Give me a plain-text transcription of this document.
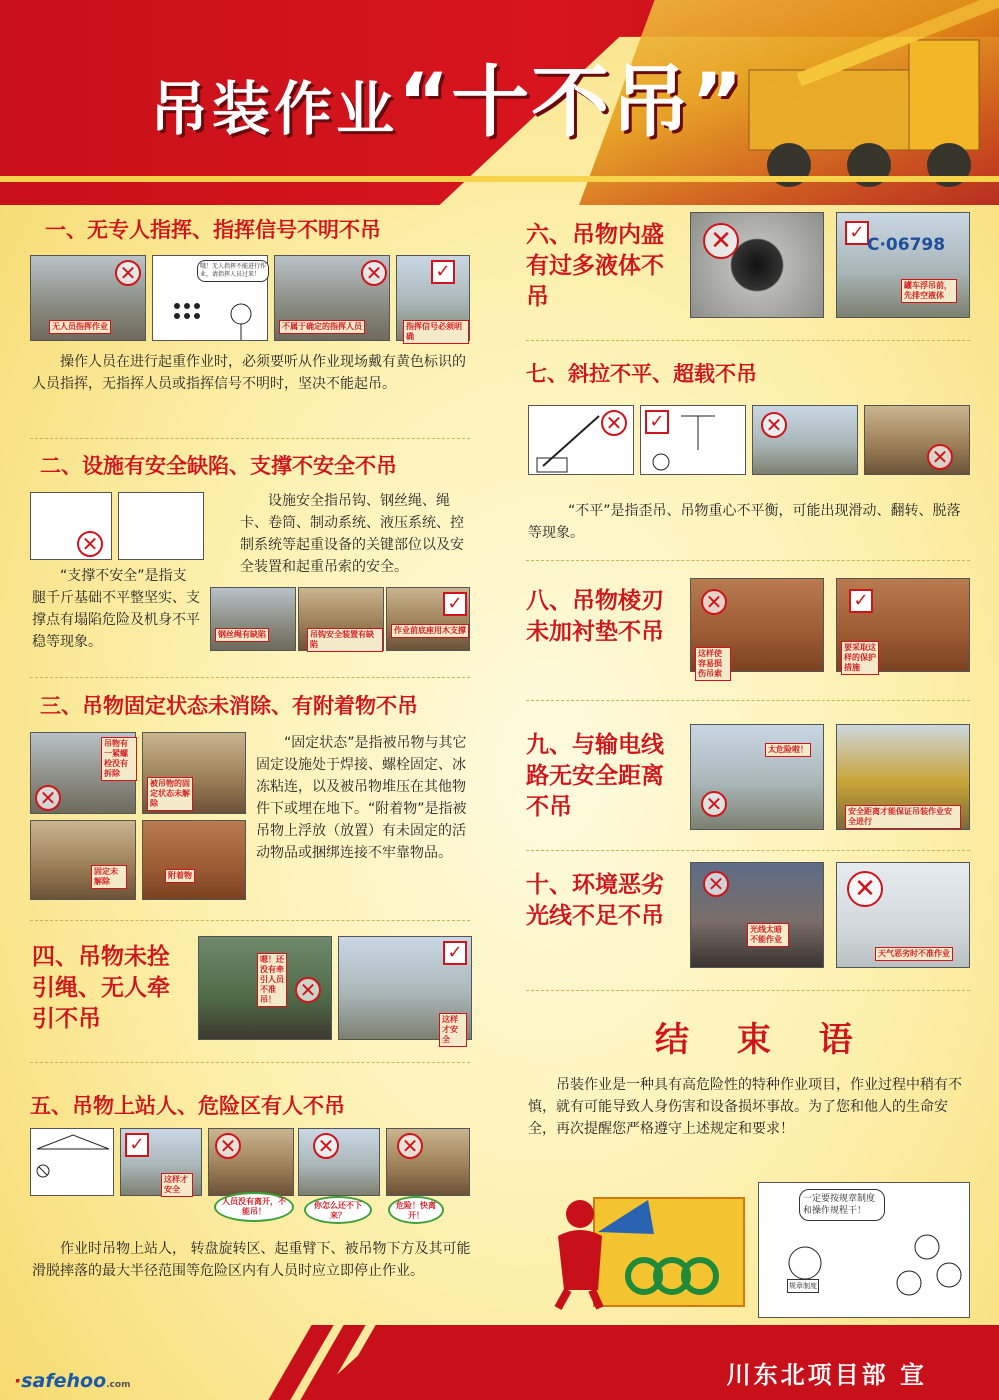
吊装作业“十不吊”
一、无专人指挥、指挥信号不明不吊
✕
无人员指挥作业
哦！无人指挥不能进行作业，请指挥人员过来！	✕
不属于确定的指挥人员
✓
指挥信号必须明确
操作人员在进行起重作业时，必须要听从作业现场戴有黄色标识的人员指挥，无指挥人员或指挥信号不明时，坚决不能起吊。
二、设施有安全缺陷、支撑不安全不吊
✕
设施安全指吊钩、钢丝绳、绳卡、卷筒、制动系统、液压系统、控制系统等起重设备的关键部位以及安全装置和起重吊索的安全。
“支撑不安全”是指支腿千斤基础不平整坚实、支撑点有塌陷危险及机身不平稳等现象。	钢丝绳有缺陷	吊钩安全装置有缺陷
✓
作业前底座用木支撑
三、吊物固定状态未消除、有附着物不吊
✕
吊物有一紧螺栓没有拆除
被吊物的固定状态未解除
固定未解除
附着物
“固定状态”是指被吊物与其它固定设施处于焊接、螺栓固定、冰冻粘连，以及被吊物堆压在其他物件下或埋在地下。“附着物”是指被吊物上浮放（放置）有未固定的活动物品或捆绑连接不牢靠物品。
四、吊物未拴引绳、无人牵引不吊
✕
嗯！还没有牵引人员不准吊！
✓
这样才安全
五、吊物上站人、危险区有人不吊
✓
这样才安全
✕	✕	✕
人员没有离开，不能吊！
你怎么还不下来？
危险！快离开！
作业时吊物上站人， 转盘旋转区、起重臂下、被吊物下方及其可能滑脱摔落的最大半径范围等危险区内有人员时应立即停止作业。
六、吊物内盛有过多液体不吊
✕	✓
C·06798
罐车浮吊前，先排空液体
七、斜拉不平、超载不吊
✕ ✓	✕
✕
“不平”是指歪吊、吊物重心不平衡，可能出现滑动、翻转、脱落等现象。
八、吊物棱刃未加衬垫不吊
✕
这样使容易损伤吊索
✓
要采取这样的保护措施
九、与输电线路无安全距离不吊
太危险啦！
✕	安全距离才能保证吊装作业安全进行
十、环境恶劣光线不足不吊
✕
光线太暗不能作业
✕
天气恶劣时不准作业
结 束 语
吊装作业是一种具有高危险性的特种作业项目，作业过程中稍有不慎，就有可能导致人身伤害和设备损坏事故。为了您和他人的生命安全，再次提醒您严格遵守上述规定和要求！
一定要按规章制度和操作规程干！
规章制度
川东北项目部 宣
·safehoo.com
